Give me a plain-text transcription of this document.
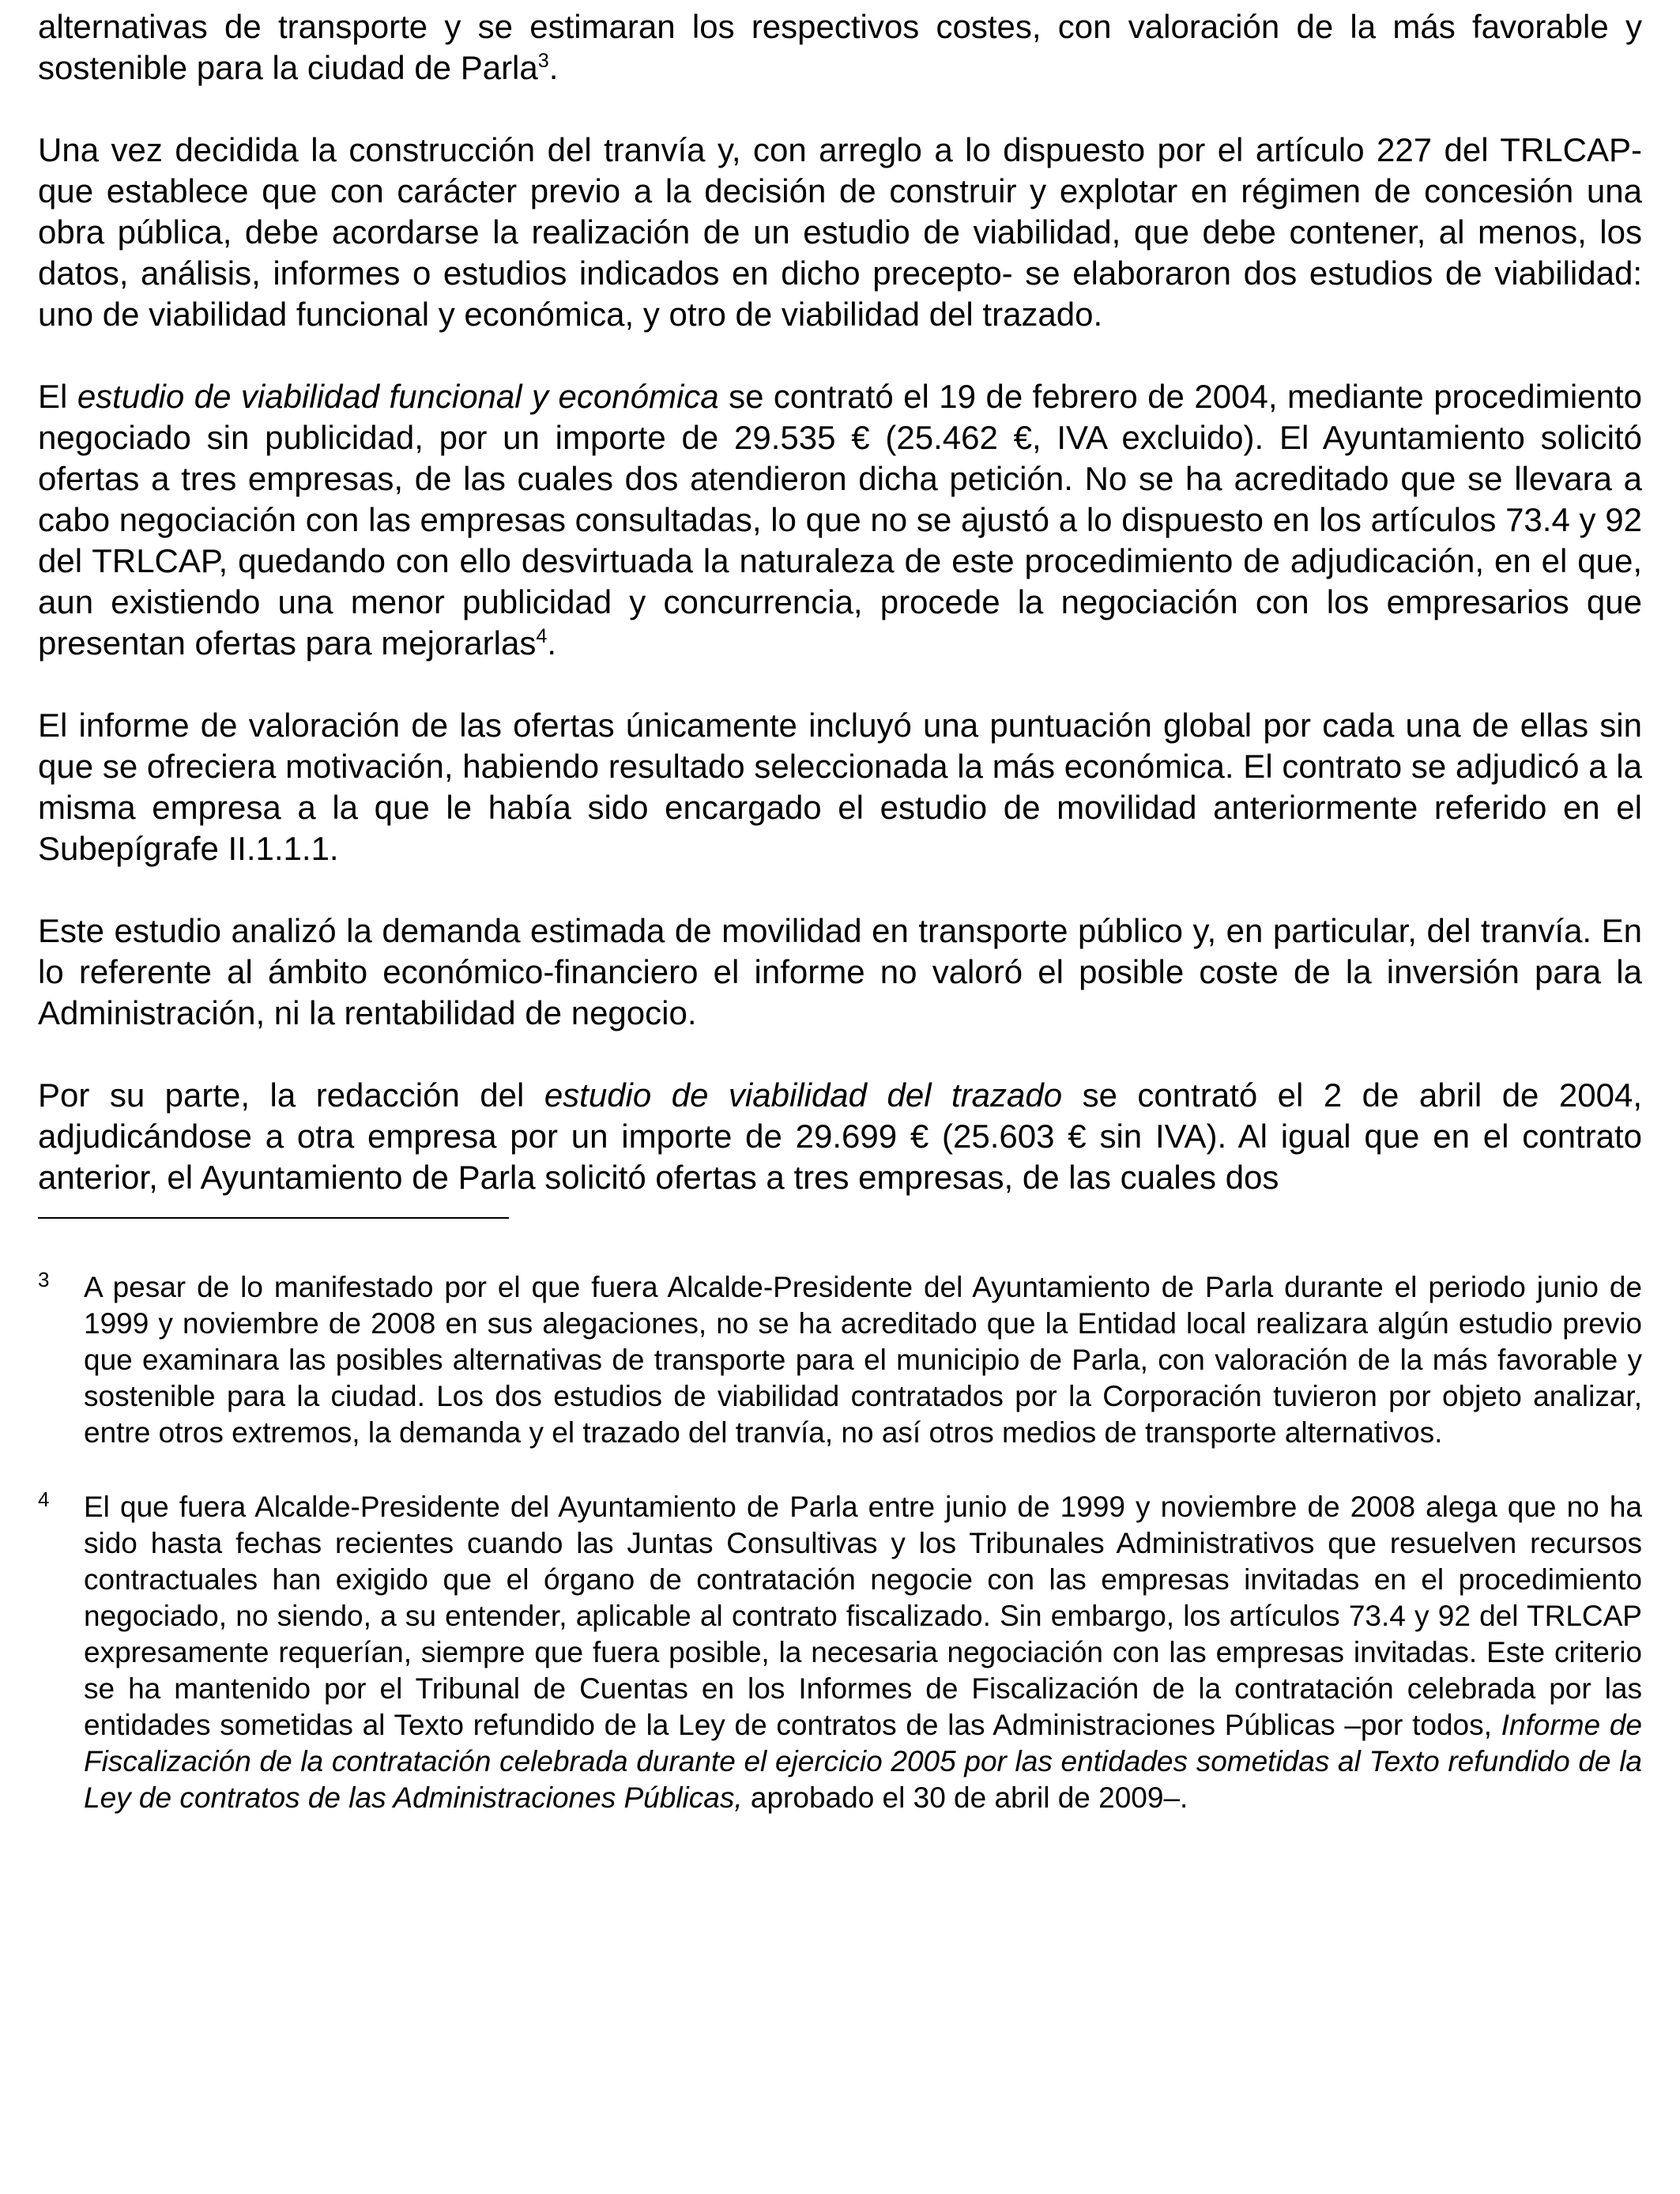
alternativas de transporte y se estimaran los respectivos costes, con valoración de la más favorable y sostenible para la ciudad de Parla$^3$.

Una vez decidida la construcción del tranvía y, con arreglo a lo dispuesto por el artículo 227 del TRLCAP-que establece que con carácter previo a la decisión de construir y explotar en régimen de concesión una obra pública, debe acordarse la realización de un estudio de viabilidad, que debe contener, al menos, los datos, análisis, informes o estudios indicados en dicho precepto- se elaboraron dos estudios de viabilidad: uno de viabilidad funcional y económica, y otro de viabilidad del trazado.

El estudio de viabilidad funcional y económica se contrató el 19 de febrero de 2004, mediante procedimiento negociado sin publicidad, por un importe de 29.535 € (25.462 €, IVA excluido). El Ayuntamiento solicitó ofertas a tres empresas, de las cuales dos atendieron dicha petición. No se ha acreditado que se llevara a cabo negociación con las empresas consultadas, lo que no se ajustó a lo dispuesto en los artículos 73.4 y 92 del TRLCAP, quedando con ello desvirtuada la naturaleza de este procedimiento de adjudicación, en el que, aun existiendo una menor publicidad y concurrencia, procede la negociación con los empresarios que presentan ofertas para mejorarlas$^4$.

El informe de valoración de las ofertas únicamente incluyó una puntuación global por cada una de ellas sin que se ofreciera motivación, habiendo resultado seleccionada la más económica. El contrato se adjudicó a la misma empresa a la que le había sido encargado el estudio de movilidad anteriormente referido en el Subepígrafe II.1.1.1.

Este estudio analizó la demanda estimada de movilidad en transporte público y, en particular, del tranvía. En lo referente al ámbito económico-financiero el informe no valoró el posible coste de la inversión para la Administración, ni la rentabilidad de negocio.

Por su parte, la redacción del estudio de viabilidad del trazado se contrató el 2 de abril de 2004, adjudicándose a otra empresa por un importe de 29.699 € (25.603 € sin IVA). Al igual que en el contrato anterior, el Ayuntamiento de Parla solicitó ofertas a tres empresas, de las cuales dos

3	A pesar de lo manifestado por el que fuera Alcalde-Presidente del Ayuntamiento de Parla durante el periodo junio de 1999 y noviembre de 2008 en sus alegaciones, no se ha acreditado que la Entidad local realizara algún estudio previo que examinara las posibles alternativas de transporte para el municipio de Parla, con valoración de la más favorable y sostenible para la ciudad. Los dos estudios de viabilidad contratados por la Corporación tuvieron por objeto analizar, entre otros extremos, la demanda y el trazado del tranvía, no así otros medios de transporte alternativos.

4	El que fuera Alcalde-Presidente del Ayuntamiento de Parla entre junio de 1999 y noviembre de 2008 alega que no ha sido hasta fechas recientes cuando las Juntas Consultivas y los Tribunales Administrativos que resuelven recursos contractuales han exigido que el órgano de contratación negocie con las empresas invitadas en el procedimiento negociado, no siendo, a su entender, aplicable al contrato fiscalizado. Sin embargo, los artículos 73.4 y 92 del TRLCAP expresamente requerían, siempre que fuera posible, la necesaria negociación con las empresas invitadas. Este criterio se ha mantenido por el Tribunal de Cuentas en los Informes de Fiscalización de la contratación celebrada por las entidades sometidas al Texto refundido de la Ley de contratos de las Administraciones Públicas –por todos, Informe de Fiscalización de la contratación celebrada durante el ejercicio 2005 por las entidades sometidas al Texto refundido de la Ley de contratos de las Administraciones Públicas, aprobado el 30 de abril de 2009–.
